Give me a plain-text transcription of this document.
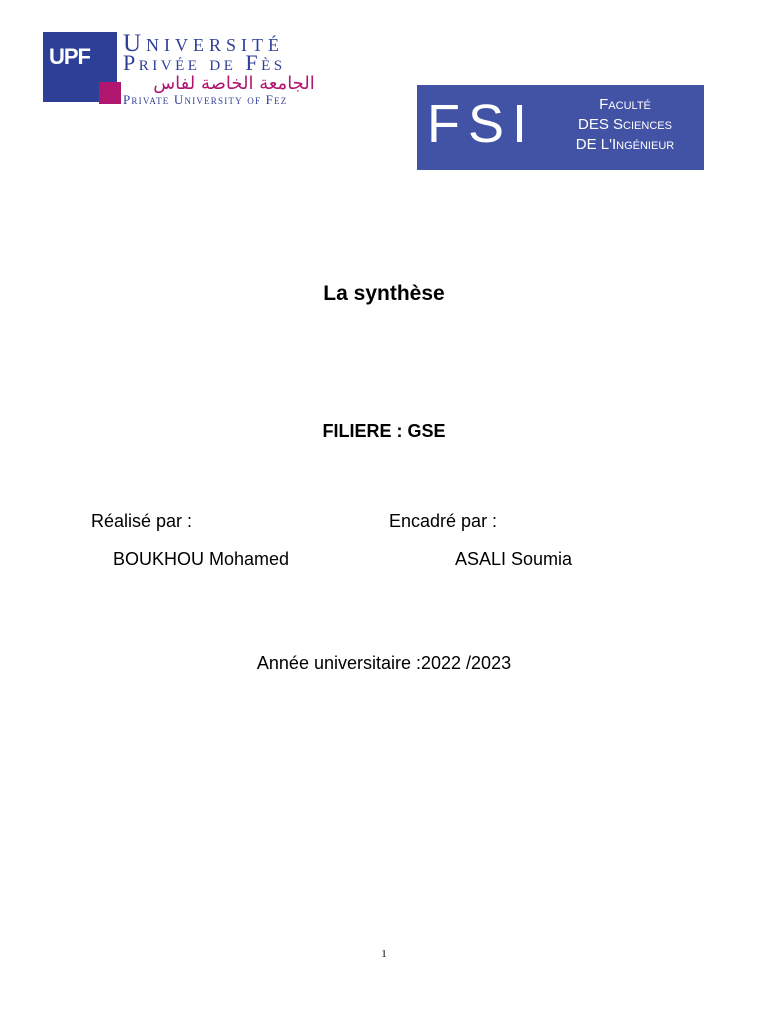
UPF Université
Privée de Fès
الجامعة الخاصة لفاس
Private University of Fez	FSI	Faculté
DES Sciences
DE L'Ingénieur
La synthèse
FILIERE : GSE
Réalisé par :	Encadré par :
BOUKHOU Mohamed	ASALI Soumia
Année universitaire :2022 /2023
1
